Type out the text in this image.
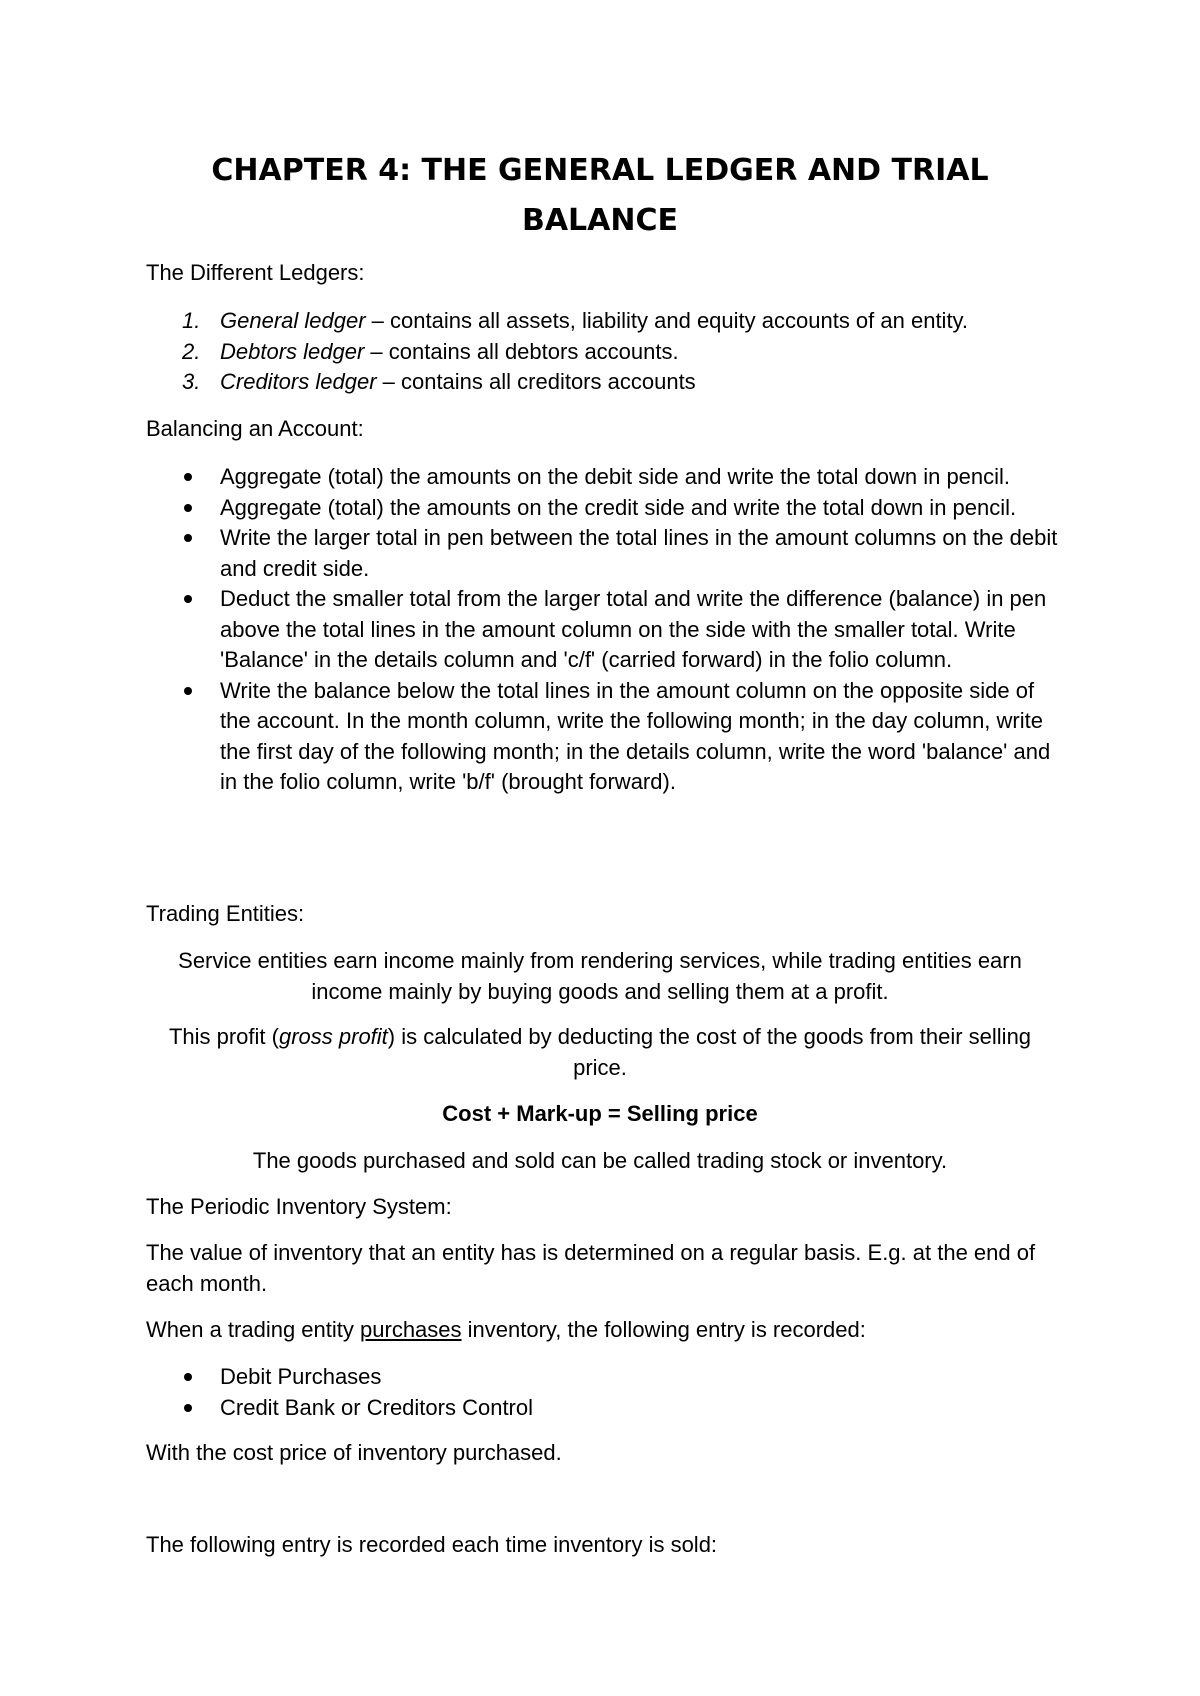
CHAPTER 4: THE GENERAL LEDGER AND TRIAL BALANCE

The Different Ledgers:

1. General ledger – contains all assets, liability and equity accounts of an entity.
2. Debtors ledger – contains all debtors accounts.
3. Creditors ledger – contains all creditors accounts

Balancing an Account:

Aggregate (total) the amounts on the debit side and write the total down in pencil.
Aggregate (total) the amounts on the credit side and write the total down in pencil.
Write the larger total in pen between the total lines in the amount columns on the debit and credit side.
Deduct the smaller total from the larger total and write the difference (balance) in pen above the total lines in the amount column on the side with the smaller total. Write 'Balance' in the details column and 'c/f' (carried forward) in the folio column.
Write the balance below the total lines in the amount column on the opposite side of the account. In the month column, write the following month; in the day column, write the first day of the following month; in the details column, write the word 'balance' and in the folio column, write 'b/f' (brought forward).

Trading Entities:

Service entities earn income mainly from rendering services, while trading entities earn income mainly by buying goods and selling them at a profit.

This profit (gross profit) is calculated by deducting the cost of the goods from their selling price.

Cost + Mark-up = Selling price

The goods purchased and sold can be called trading stock or inventory.

The Periodic Inventory System:

The value of inventory that an entity has is determined on a regular basis. E.g. at the end of each month.

When a trading entity purchases inventory, the following entry is recorded:

Debit Purchases
Credit Bank or Creditors Control

With the cost price of inventory purchased.

The following entry is recorded each time inventory is sold:
